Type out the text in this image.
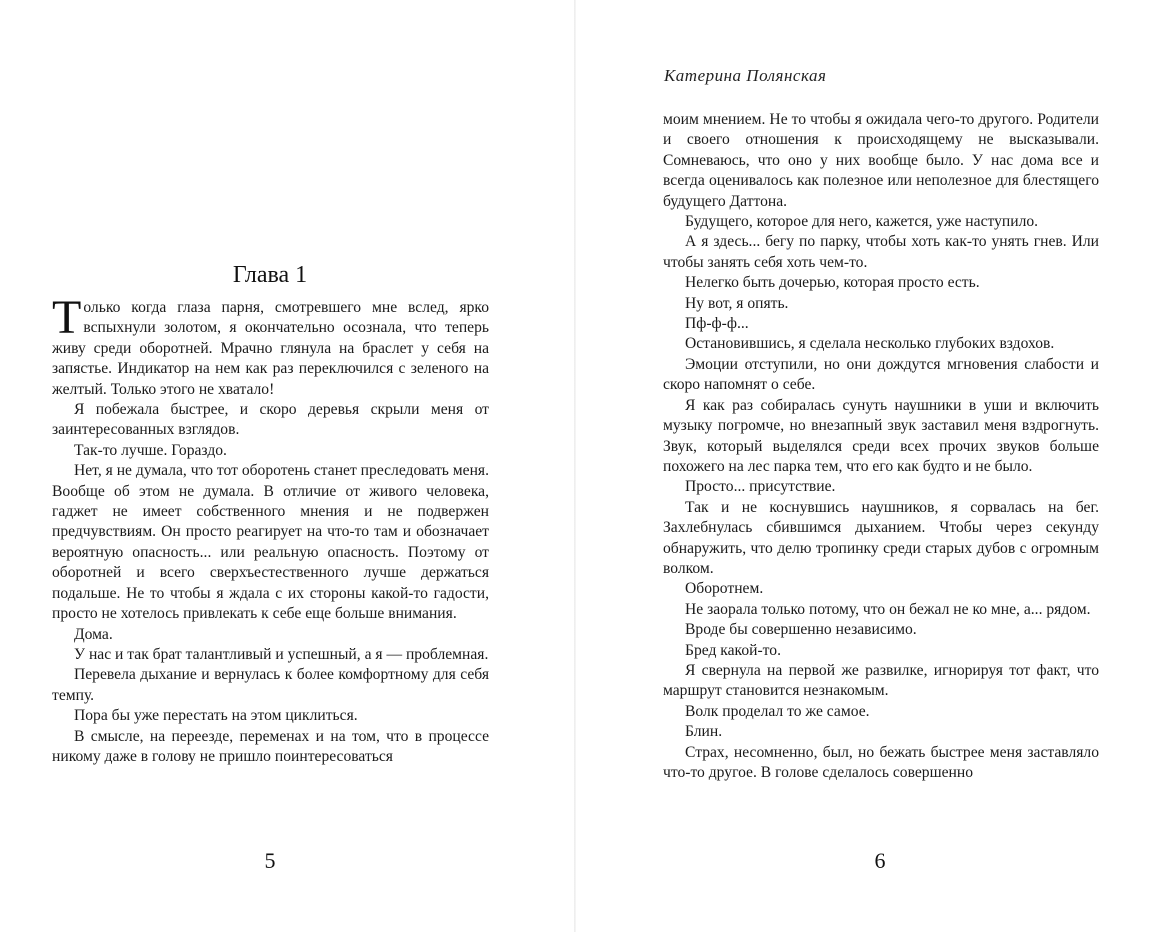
Глава 1

Только когда глаза парня, смотревшего мне вслед, ярко вспыхнули золотом, я окончательно осознала, что теперь живу среди оборотней. Мрачно глянула на браслет у себя на запястье. Индикатор на нем как раз переключился с зеленого на желтый. Только этого не хватало!

Я побежала быстрее, и скоро деревья скрыли меня от заинтересованных взглядов.

Так-то лучше. Гораздо.

Нет, я не думала, что тот оборотень станет преследовать меня. Вообще об этом не думала. В отличие от живого человека, гаджет не имеет собственного мнения и не подвержен предчувствиям. Он просто реагирует на что-то там и обозначает вероятную опасность... или реальную опасность. Поэтому от оборотней и всего сверхъестественного лучше держаться подальше. Не то чтобы я ждала с их стороны какой-то гадости, просто не хотелось привлекать к себе еще больше внимания.

Дома.

У нас и так брат талантливый и успешный, а я — проблемная.

Перевела дыхание и вернулась к более комфортному для себя темпу.

Пора бы уже перестать на этом циклиться.

В смысле, на переезде, переменах и на том, что в процессе никому даже в голову не пришло поинтересоваться

5
Катерина Полянская

моим мнением. Не то чтобы я ожидала чего-то другого. Родители и своего отношения к происходящему не высказывали. Сомневаюсь, что оно у них вообще было. У нас дома все и всегда оценивалось как полезное или неполезное для блестящего будущего Даттона.

Будущего, которое для него, кажется, уже наступило.

А я здесь... бегу по парку, чтобы хоть как-то унять гнев. Или чтобы занять себя хоть чем-то.

Нелегко быть дочерью, которая просто есть.

Ну вот, я опять.

Пф-ф-ф...

Остановившись, я сделала несколько глубоких вздохов.

Эмоции отступили, но они дождутся мгновения слабости и скоро напомнят о себе.

Я как раз собиралась сунуть наушники в уши и включить музыку погромче, но внезапный звук заставил меня вздрогнуть. Звук, который выделялся среди всех прочих звуков больше похожего на лес парка тем, что его как будто и не было.

Просто... присутствие.

Так и не коснувшись наушников, я сорвалась на бег. Захлебнулась сбившимся дыханием. Чтобы через секунду обнаружить, что делю тропинку среди старых дубов с огромным волком.

Оборотнем.

Не заорала только потому, что он бежал не ко мне, а... рядом.

Вроде бы совершенно независимо.

Бред какой-то.

Я свернула на первой же развилке, игнорируя тот факт, что маршрут становится незнакомым.

Волк проделал то же самое.

Блин.

Страх, несомненно, был, но бежать быстрее меня заставляло что-то другое. В голове сделалось совершенно

6
